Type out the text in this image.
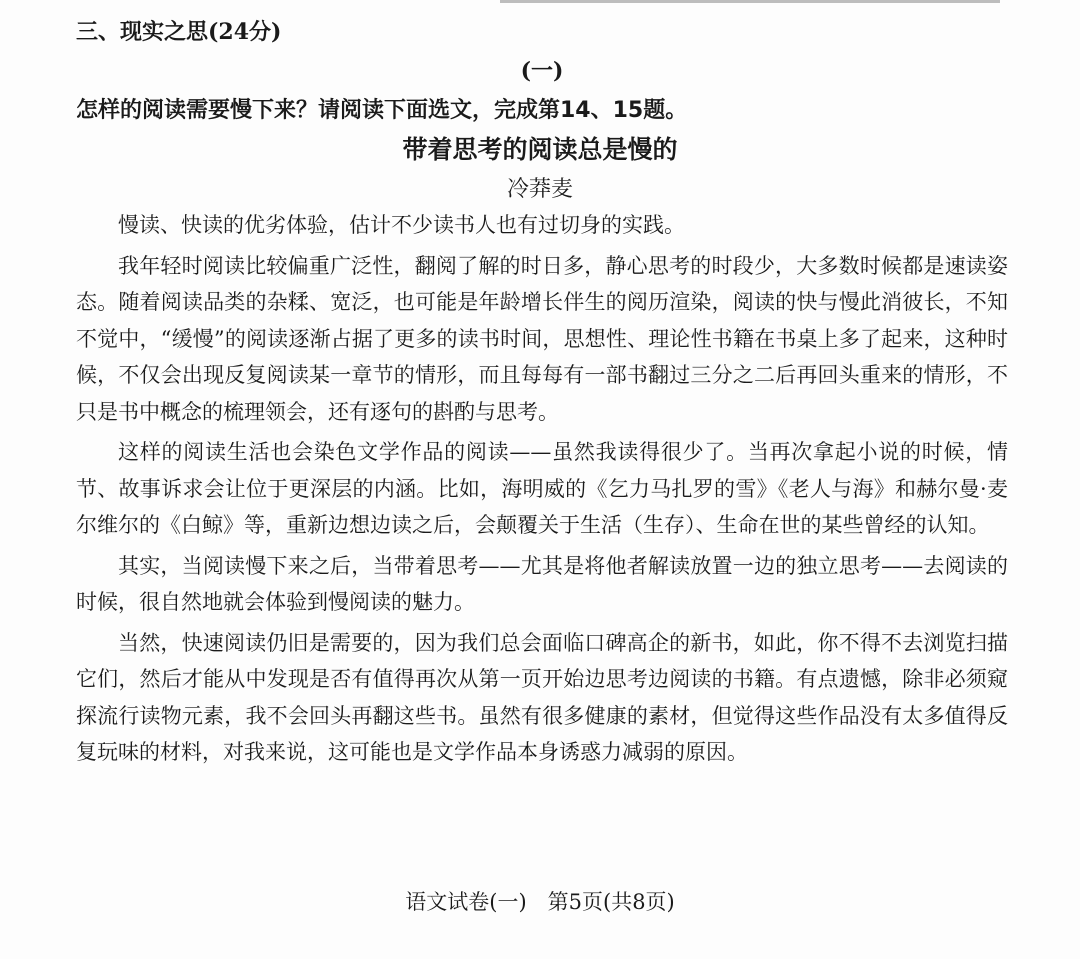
三、现实之思(24分)
(一)
怎样的阅读需要慢下来？请阅读下面选文，完成第14、15题。
带着思考的阅读总是慢的
冷莽麦

慢读、快读的优劣体验，估计不少读书人也有过切身的实践。

我年轻时阅读比较偏重广泛性，翻阅了解的时日多，静心思考的时段少，大多数时候都是速读姿态。随着阅读品类的杂糅、宽泛，也可能是年龄增长伴生的阅历渲染，阅读的快与慢此消彼长，不知不觉中，“缓慢”的阅读逐渐占据了更多的读书时间，思想性、理论性书籍在书桌上多了起来，这种时候，不仅会出现反复阅读某一章节的情形，而且每每有一部书翻过三分之二后再回头重来的情形，不只是书中概念的梳理领会，还有逐句的斟酌与思考。

这样的阅读生活也会染色文学作品的阅读——虽然我读得很少了。当再次拿起小说的时候，情节、故事诉求会让位于更深层的内涵。比如，海明威的《乞力马扎罗的雪》《老人与海》和赫尔曼·麦尔维尔的《白鲸》等，重新边想边读之后，会颠覆关于生活（生存）、生命在世的某些曾经的认知。

其实，当阅读慢下来之后，当带着思考——尤其是将他者解读放置一边的独立思考——去阅读的时候，很自然地就会体验到慢阅读的魅力。

当然，快速阅读仍旧是需要的，因为我们总会面临口碑高企的新书，如此，你不得不去浏览扫描它们，然后才能从中发现是否有值得再次从第一页开始边思考边阅读的书籍。有点遗憾，除非必须窥探流行读物元素，我不会回头再翻这些书。虽然有很多健康的素材，但觉得这些作品没有太多值得反复玩味的材料，对我来说，这可能也是文学作品本身诱惑力减弱的原因。

语文试卷(一)　第5页(共8页)
